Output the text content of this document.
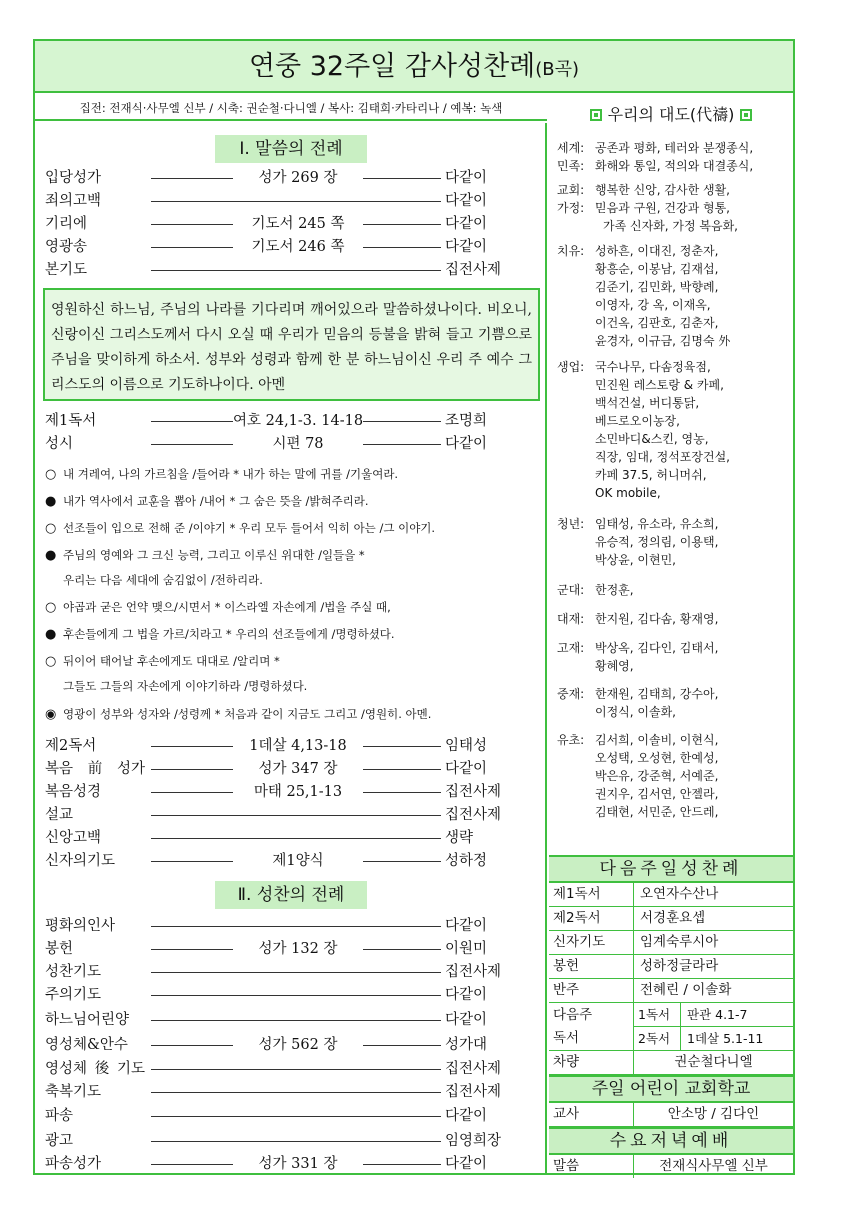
연중 32주일 감사성찬례(B곡)
집전: 전재식·사무엘 신부 / 시축: 권순철·다니엘 / 복사: 김태희·카타리나 / 예복: 녹색
Ⅰ. 말씀의 전례
입당성가	성가 269 장	다같이
죄의고백	다같이
기리에	기도서 245 쪽	다같이
영광송	기도서 246 쪽	다같이
본기도	집전사제
영원하신 하느님, 주님의 나라를 기다리며 깨어있으라 말씀하셨나이다. 비오니, 신랑이신 그리스도께서 다시 오실 때 우리가 믿음의 등불을 밝혀 들고 기쁨으로 주님을 맞이하게 하소서. 성부와 성령과 함께 한 분 하느님이신 우리 주 예수 그리스도의 이름으로 기도하나이다. 아멘
제1독서	여호 24,1-3. 14-18	조명희
성시	시편 78	다같이
○ 내 겨레여, 나의 가르침을 /들어라 * 내가 하는 말에 귀를 /기울여라.
● 내가 역사에서 교훈을 뽑아 /내어 * 그 숨은 뜻을 /밝혀주리라.
○ 선조들이 입으로 전해 준 /이야기 * 우리 모두 들어서 익히 아는 /그 이야기.
● 주님의 영예와 그 크신 능력, 그리고 이루신 위대한 /일들을 *
우리는 다음 세대에 숨김없이 /전하리라.
○ 야곱과 굳은 언약 맺으/시면서 * 이스라엘 자손에게 /법을 주실 때,
● 후손들에게 그 법을 가르/치라고 * 우리의 선조들에게 /명령하셨다.
○ 뒤이어 태어날 후손에게도 대대로 /알리며 *
그들도 그들의 자손에게 이야기하라 /명령하셨다.
◉ 영광이 성부와 성자와 /성령께 * 처음과 같이 지금도 그리고 /영원히. 아멘.
제2독서	1데살 4,13-18	임태성
복음前성가	성가 347 장	다같이
복음성경	마태 25,1-13	집전사제
설교	집전사제
신앙고백	생략
신자의기도	제1양식	성하정
Ⅱ. 성찬의 전례
평화의인사	다같이
봉헌	성가 132 장	이원미
성찬기도	집전사제
주의기도	다같이
하느님어린양	다같이
영성체&안수	성가 562 장	성가대
영성체後기도	집전사제
축복기도	집전사제
파송	다같이
광고	임영희장
파송성가	성가 331 장	다같이
우리의 대도(代禱)
세계: 공존과 평화, 테러와 분쟁종식,
민족: 화해와 통일, 적의와 대결종식,
교회: 행복한 신앙, 감사한 생활,
가정: 믿음과 구원, 건강과 형통,
가족 신자화, 가정 복음화,
치유: 성하흔, 이대진, 정춘자,
황흥순, 이봉남, 김재섭,
김준기, 김민화, 박향례,
이영자, 강 옥, 이재옥,
이건옥, 김판호, 김춘자,
윤경자, 이규금, 김명숙 外
생업: 국수나무, 다솜정육점,
민진원 레스토랑 & 카페,
백석건설, 버디통닭,
베드로오이농장,
소민바디&스킨, 영농,
직장, 임대, 정석포장건설,
카페 37.5, 허니머쉬,
OK mobile,
청년: 임태성, 유소라, 유소희,
유승적, 정의림, 이용택,
박상윤, 이현민,
군대: 한정훈,
대재: 한지원, 김다솜, 황재영,
고재: 박상옥, 김다인, 김태서,
황혜영,
중재: 한재원, 김태희, 강수아,
이정식, 이솔화,
유초: 김서희, 이솔비, 이현식,
오성택, 오성현, 한예성,
박은유, 강준혁, 서예준,
권지우, 김서연, 안젤라,
김태현, 서민준, 안드레,
다음주일성찬례
제1독서	오연자수산나
제2독서	서경훈요셉
신자기도	임계숙루시아
봉헌	성하정글라라
반주	전혜린 / 이솔화
다음주
독서
1독서	판관 4.1-7
2독서	1데살 5.1-11
차량	권순철다니엘
주일 어린이 교회학교
교사	안소망 / 김다인
수요저녁예배
말씀	전재식사무엘 신부
